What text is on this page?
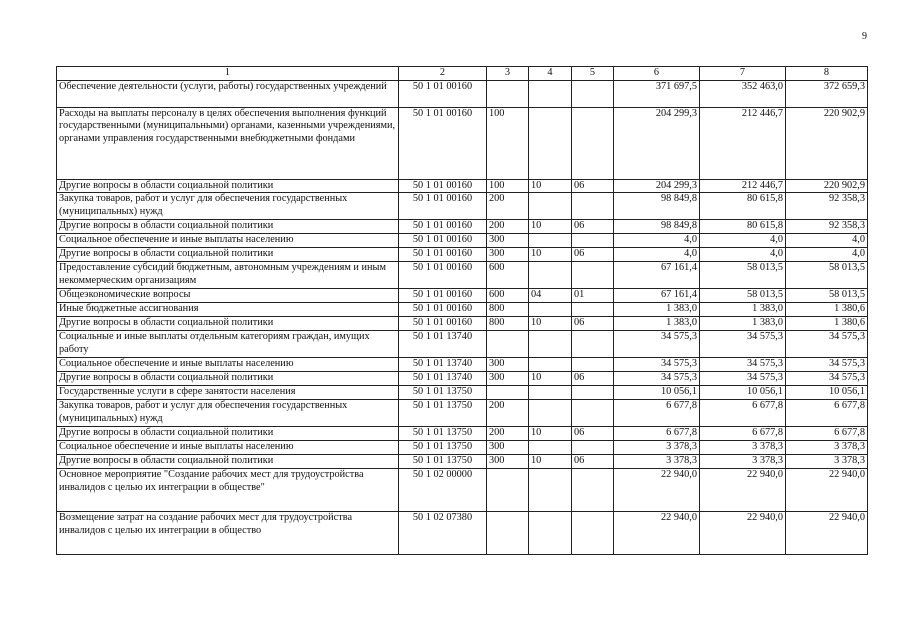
9
1	2	3	4	5	6	7	8
Обеспечение деятельности (услуги, работы) государственных учреждений	50 1 01 00160				371 697,5	352 463,0	372 659,3
Расходы на выплаты персоналу в целях обеспечения выполнения функций государственными (муниципальными) органами, казенными учреждениями, органами управления государственными внебюджетными фондами	50 1 01 00160	100			204 299,3	212 446,7	220 902,9
Другие вопросы в области социальной политики	50 1 01 00160	100	10	06	204 299,3	212 446,7	220 902,9
Закупка товаров, работ и услуг для обеспечения государственных (муниципальных) нужд	50 1 01 00160	200			98 849,8	80 615,8	92 358,3
Другие вопросы в области социальной политики	50 1 01 00160	200	10	06	98 849,8	80 615,8	92 358,3
Социальное обеспечение и иные выплаты населению	50 1 01 00160	300			4,0	4,0	4,0
Другие вопросы в области социальной политики	50 1 01 00160	300	10	06	4,0	4,0	4,0
Предоставление субсидий бюджетным, автономным учреждениям и иным некоммерческим организациям	50 1 01 00160	600			67 161,4	58 013,5	58 013,5
Общеэкономические вопросы	50 1 01 00160	600	04	01	67 161,4	58 013,5	58 013,5
Иные бюджетные ассигнования	50 1 01 00160	800			1 383,0	1 383,0	1 380,6
Другие вопросы в области социальной политики	50 1 01 00160	800	10	06	1 383,0	1 383,0	1 380,6
Социальные и иные выплаты отдельным категориям граждан, имущих работу	50 1 01 13740				34 575,3	34 575,3	34 575,3
Социальное обеспечение и иные выплаты населению	50 1 01 13740	300			34 575,3	34 575,3	34 575,3
Другие вопросы в области социальной политики	50 1 01 13740	300	10	06	34 575,3	34 575,3	34 575,3
Государственные услуги в сфере занятости населения	50 1 01 13750				10 056,1	10 056,1	10 056,1
Закупка товаров, работ и услуг для обеспечения государственных (муниципальных) нужд	50 1 01 13750	200			6 677,8	6 677,8	6 677,8
Другие вопросы в области социальной политики	50 1 01 13750	200	10	06	6 677,8	6 677,8	6 677,8
Социальное обеспечение и иные выплаты населению	50 1 01 13750	300			3 378,3	3 378,3	3 378,3
Другие вопросы в области социальной политики	50 1 01 13750	300	10	06	3 378,3	3 378,3	3 378,3
Основное мероприятие "Создание рабочих мест для трудоустройства инвалидов с целью их интеграции в обществе"	50 1 02 00000				22 940,0	22 940,0	22 940,0
Возмещение затрат на создание рабочих мест для трудоустройства инвалидов с целью их интеграции в общество	50 1 02 07380				22 940,0	22 940,0	22 940,0
